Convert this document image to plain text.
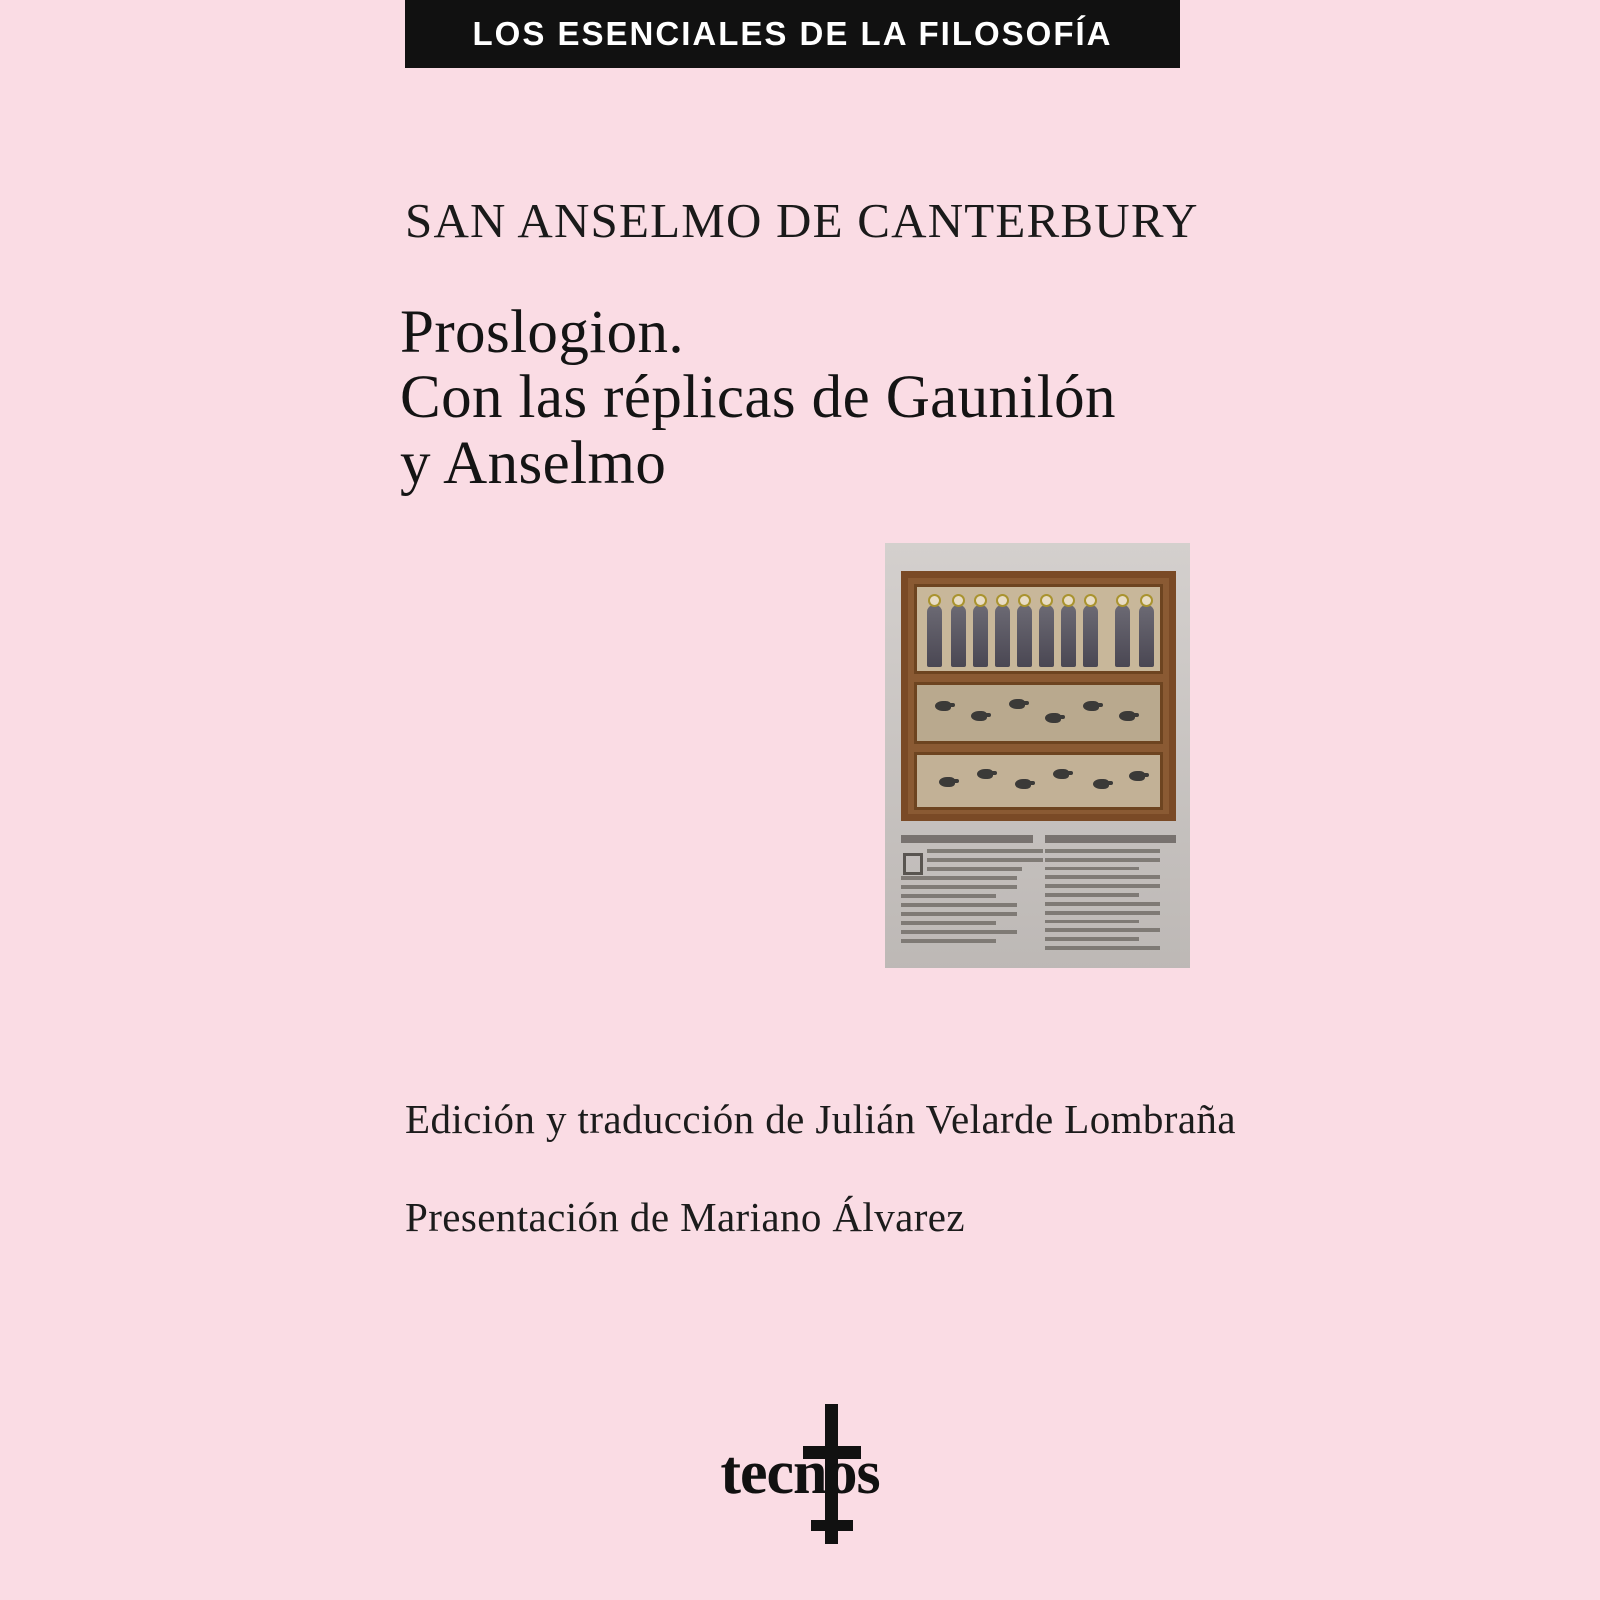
LOS ESENCIALES DE LA FILOSOFÍA
SAN ANSELMO DE CANTERBURY
Proslogion.
Con las réplicas de Gaunilón
y Anselmo
Edición y traducción de Julián Velarde Lombraña
Presentación de Mariano Álvarez
tecnos
